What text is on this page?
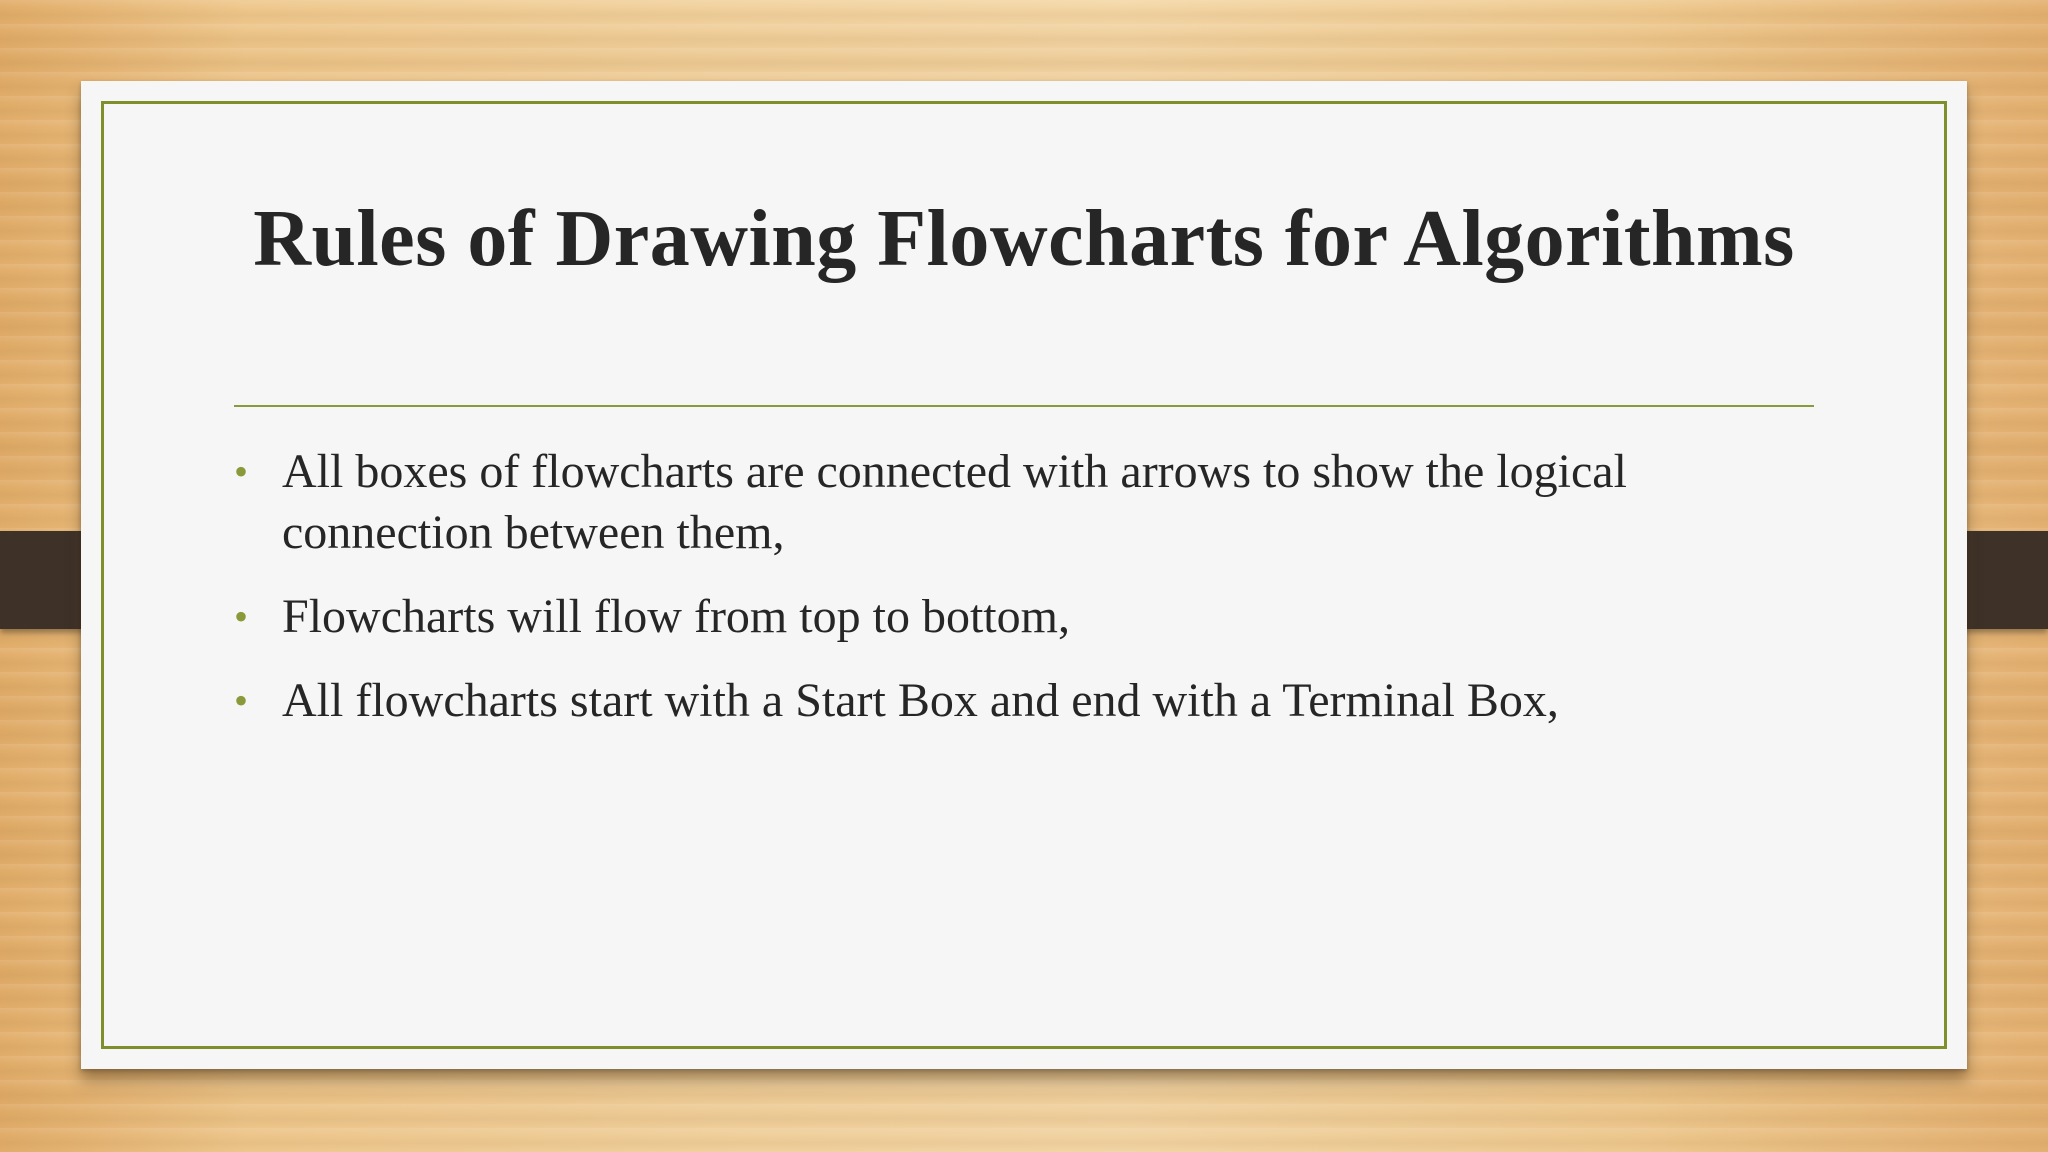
Rules of Drawing Flowcharts for Algorithms
• All boxes of flowcharts are connected with arrows to show the logical connection between them,
• Flowcharts will flow from top to bottom,
• All flowcharts start with a Start Box and end with a Terminal Box,
